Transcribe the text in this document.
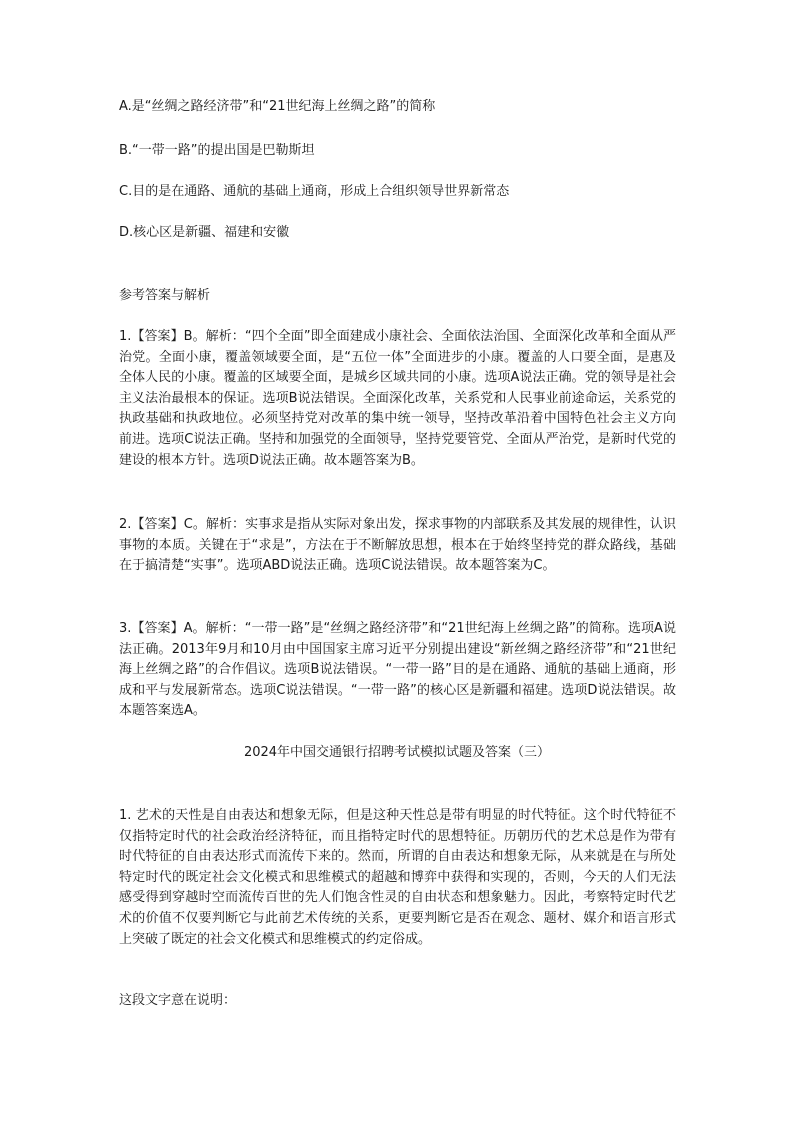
A.是“丝绸之路经济带”和“21世纪海上丝绸之路”的简称
B.“一带一路”的提出国是巴勒斯坦
C.目的是在通路、通航的基础上通商，形成上合组织领导世界新常态
D.核心区是新疆、福建和安徽
参考答案与解析
1.【答案】B。解析：“四个全面”即全面建成小康社会、全面依法治国、全面深化改革和全面从严治党。全面小康，覆盖领域要全面，是“五位一体”全面进步的小康。覆盖的人口要全面，是惠及全体人民的小康。覆盖的区域要全面，是城乡区域共同的小康。选项A说法正确。党的领导是社会主义法治最根本的保证。选项B说法错误。全面深化改革，关系党和人民事业前途命运，关系党的执政基础和执政地位。必须坚持党对改革的集中统一领导，坚持改革沿着中国特色社会主义方向前进。选项C说法正确。坚持和加强党的全面领导，坚持党要管党、全面从严治党，是新时代党的建设的根本方针。选项D说法正确。故本题答案为B。
2.【答案】C。解析：实事求是指从实际对象出发，探求事物的内部联系及其发展的规律性，认识事物的本质。关键在于“求是”，方法在于不断解放思想，根本在于始终坚持党的群众路线，基础在于搞清楚“实事”。选项ABD说法正确。选项C说法错误。故本题答案为C。
3.【答案】A。解析：“一带一路”是“丝绸之路经济带”和“21世纪海上丝绸之路”的简称。选项A说法正确。2013年9月和10月由中国国家主席习近平分别提出建设“新丝绸之路经济带”和“21世纪海上丝绸之路”的合作倡议。选项B说法错误。“一带一路”目的是在通路、通航的基础上通商，形成和平与发展新常态。选项C说法错误。“一带一路”的核心区是新疆和福建。选项D说法错误。故本题答案选A。
2024年中国交通银行招聘考试模拟试题及答案（三）
1. 艺术的天性是自由表达和想象无际，但是这种天性总是带有明显的时代特征。这个时代特征不仅指特定时代的社会政治经济特征，而且指特定时代的思想特征。历朝历代的艺术总是作为带有时代特征的自由表达形式而流传下来的。然而，所谓的自由表达和想象无际，从来就是在与所处特定时代的既定社会文化模式和思维模式的超越和博弈中获得和实现的，否则，今天的人们无法感受得到穿越时空而流传百世的先人们饱含性灵的自由状态和想象魅力。因此，考察特定时代艺术的价值不仅要判断它与此前艺术传统的关系，更要判断它是否在观念、题材、媒介和语言形式上突破了既定的社会文化模式和思维模式的约定俗成。
这段文字意在说明：
